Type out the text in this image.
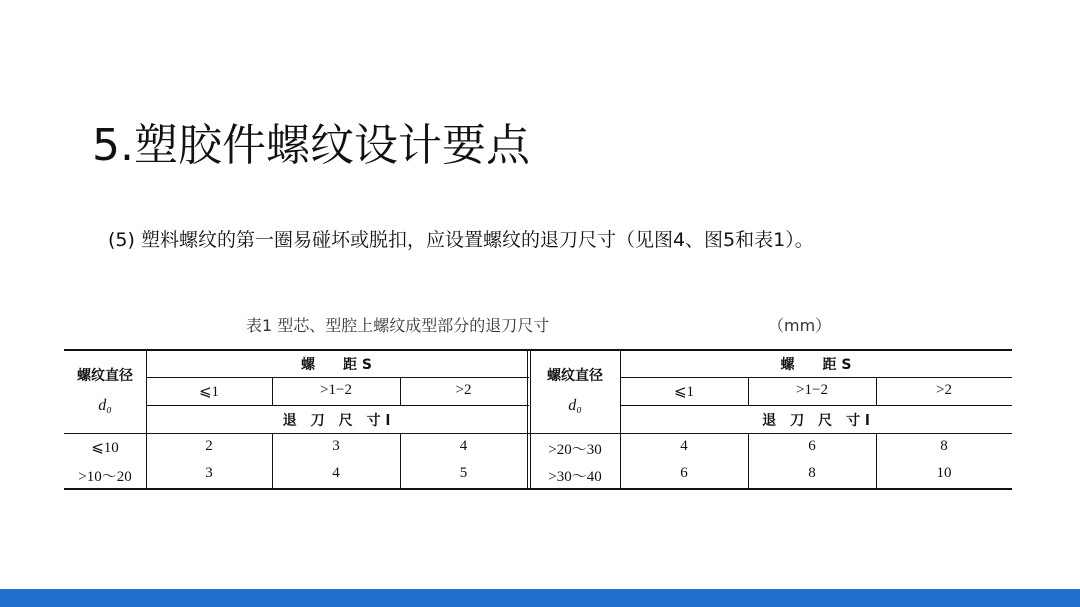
5.塑胶件螺纹设计要点
(5) 塑料螺纹的第一圈易碰坏或脱扣，应设置螺纹的退刀尺寸（见图4、图5和表1）。
表1 型芯、型腔上螺纹成型部分的退刀尺寸	（mm）
螺纹直径
d₀
螺　　距 S
⩽1	>1−2	>2
退　刀　尺　寸 l
⩽10	2	3	4
>10～20	3	4	5
螺纹直径
d₀
螺　　距 S
⩽1	>1−2	>2
退　刀　尺　寸 l
>20～30	4	6	8
>30～40	6	8	10
